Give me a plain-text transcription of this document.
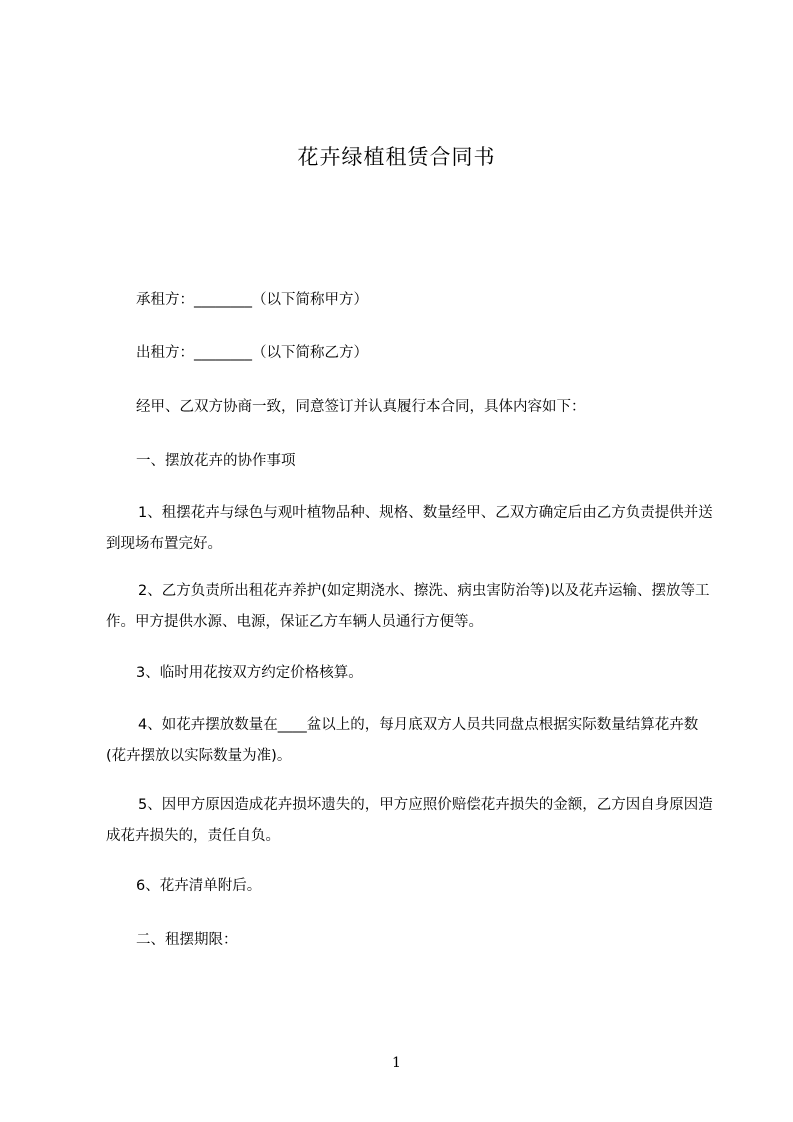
花卉绿植租赁合同书

承租方：________（以下简称甲方）

出租方：________（以下简称乙方）

经甲、乙双方协商一致，同意签订并认真履行本合同，具体内容如下：

一、摆放花卉的协作事项

1、租摆花卉与绿色与观叶植物品种、规格、数量经甲、乙双方确定后由乙方负责提供并送到现场布置完好。

2、乙方负责所出租花卉养护(如定期浇水、擦洗、病虫害防治等)以及花卉运输、摆放等工作。甲方提供水源、电源，保证乙方车辆人员通行方便等。

3、临时用花按双方约定价格核算。

4、如花卉摆放数量在____盆以上的，每月底双方人员共同盘点根据实际数量结算花卉数(花卉摆放以实际数量为准)。

5、因甲方原因造成花卉损坏遗失的，甲方应照价赔偿花卉损失的金额，乙方因自身原因造成花卉损失的，责任自负。

6、花卉清单附后。

二、租摆期限：

1
